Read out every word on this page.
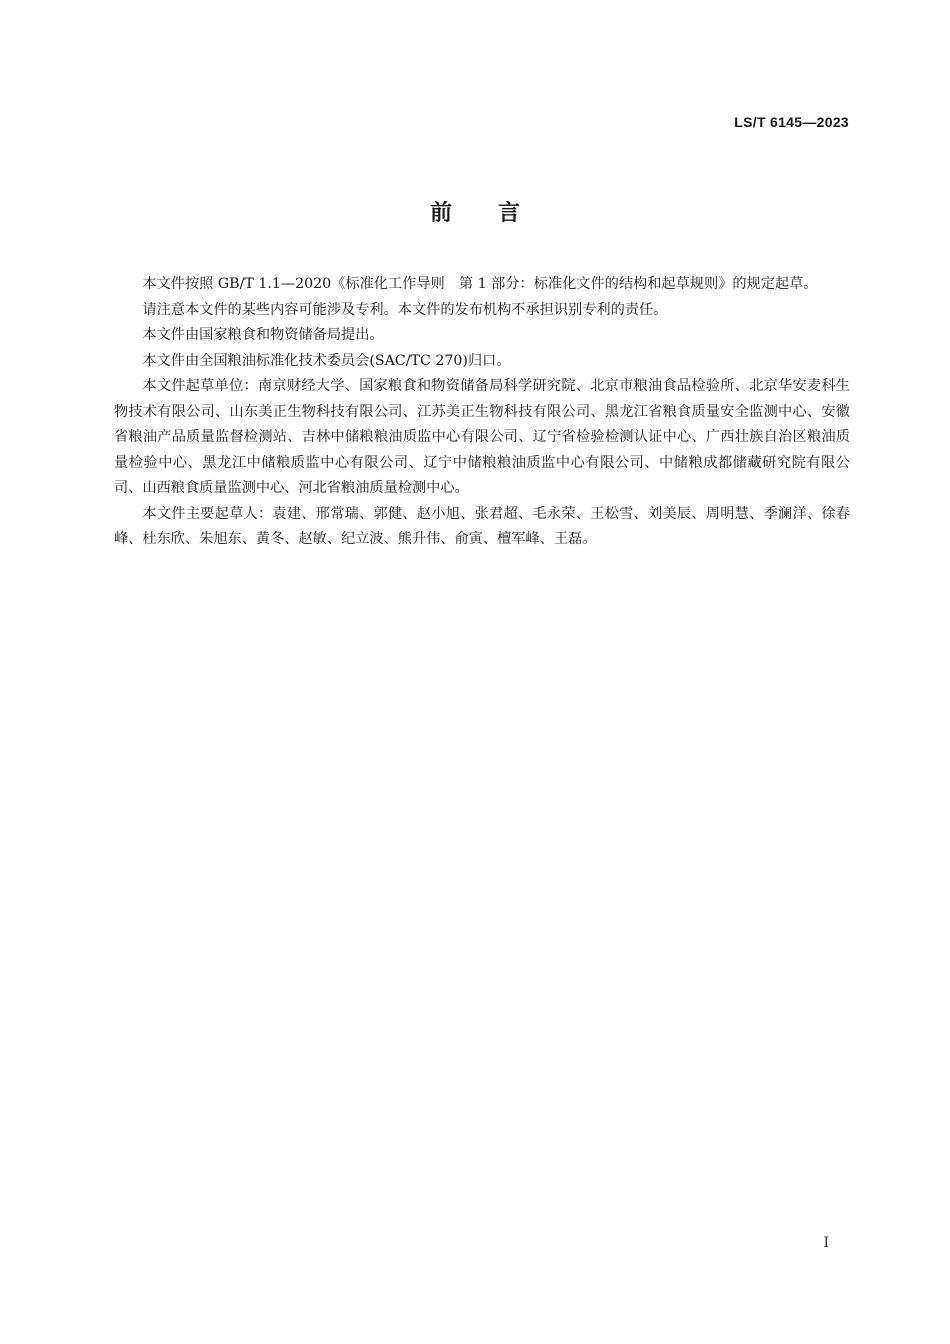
LS/T 6145—2023
前 言

本文件按照 GB/T 1.1—2020《标准化工作导则　第 1 部分：标准化文件的结构和起草规则》的规定起草。

请注意本文件的某些内容可能涉及专利。本文件的发布机构不承担识别专利的责任。

本文件由国家粮食和物资储备局提出。

本文件由全国粮油标准化技术委员会(SAC/TC 270)归口。

本文件起草单位：南京财经大学、国家粮食和物资储备局科学研究院、北京市粮油食品检验所、北京华安麦科生物技术有限公司、山东美正生物科技有限公司、江苏美正生物科技有限公司、黑龙江省粮食质量安全监测中心、安徽省粮油产品质量监督检测站、吉林中储粮粮油质监中心有限公司、辽宁省检验检测认证中心、广西壮族自治区粮油质量检验中心、黑龙江中储粮质监中心有限公司、辽宁中储粮粮油质监中心有限公司、中储粮成都储藏研究院有限公司、山西粮食质量监测中心、河北省粮油质量检测中心。

本文件主要起草人：袁建、邢常瑞、郭健、赵小旭、张君超、毛永荣、王松雪、刘美辰、周明慧、季澜洋、徐春峰、杜东欣、朱旭东、黄冬、赵敏、纪立波、熊升伟、俞寅、檀军峰、王磊。

I
